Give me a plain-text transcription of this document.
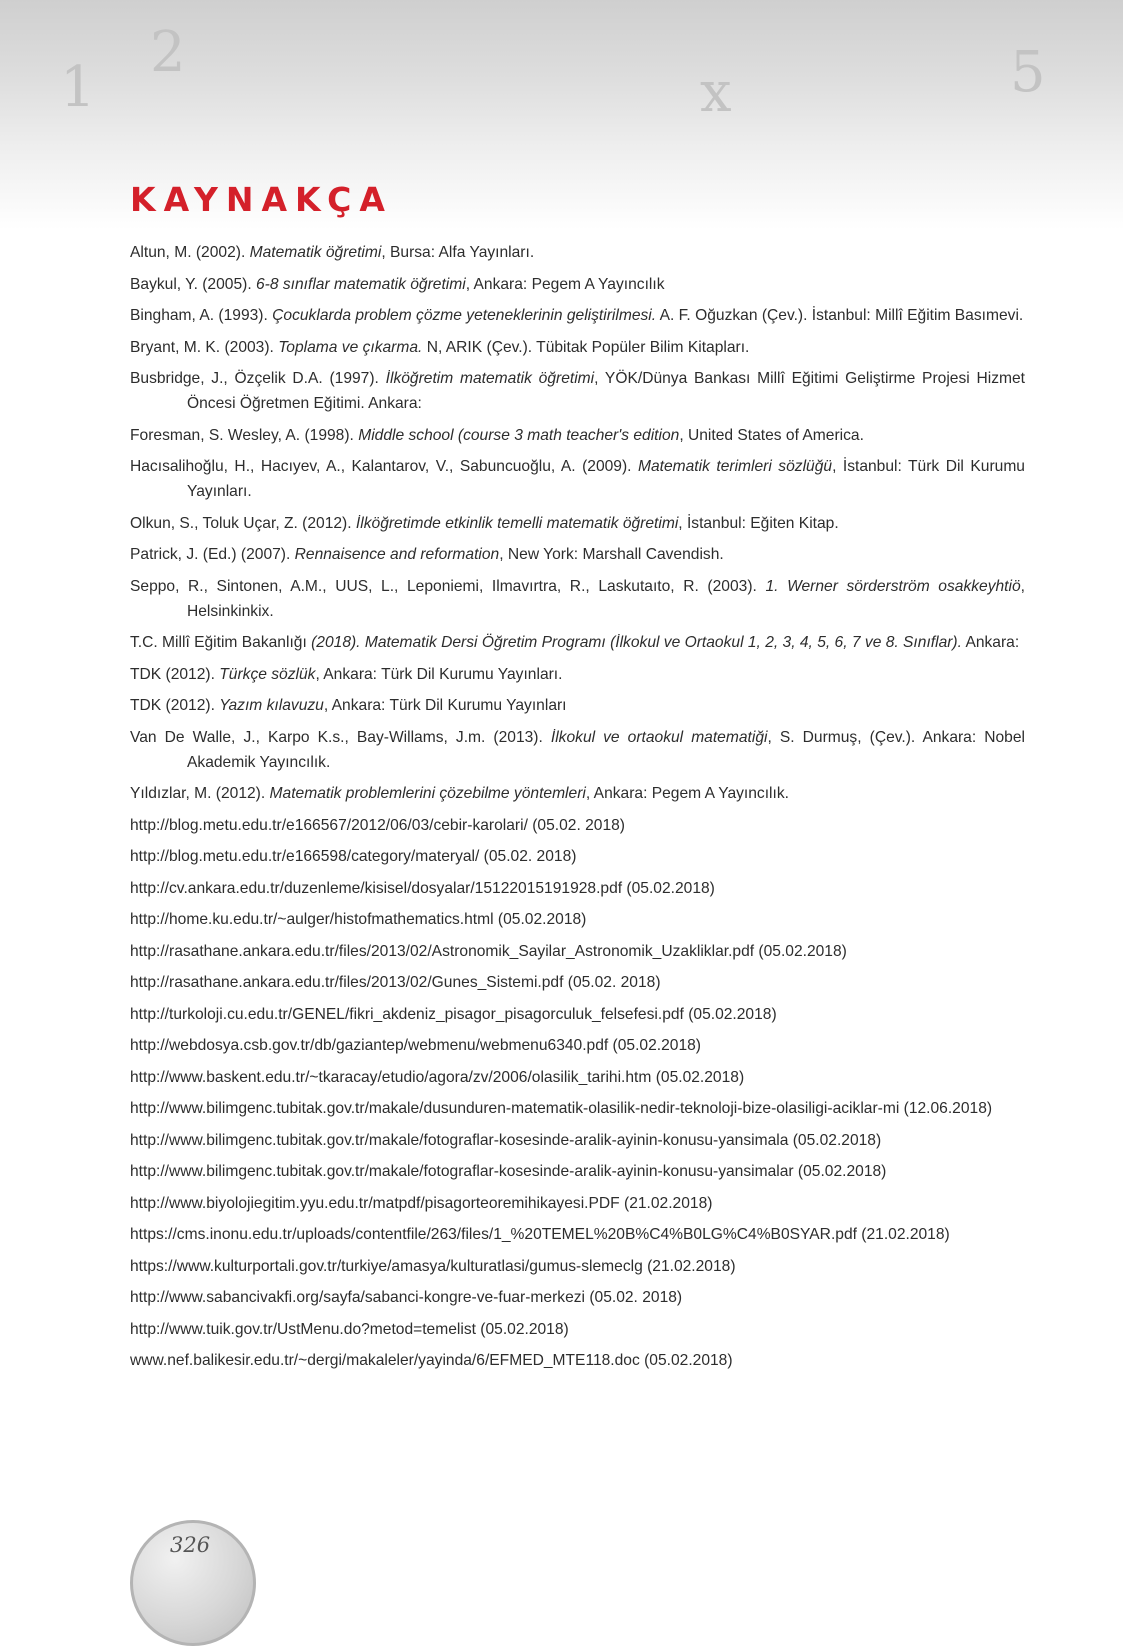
1
2
x	5
KAYNAKÇA
Altun, M. (2002). Matematik öğretimi, Bursa: Alfa Yayınları.
Baykul, Y. (2005). 6-8 sınıflar matematik öğretimi, Ankara: Pegem A Yayıncılık
Bingham, A. (1993). Çocuklarda problem çözme yeteneklerinin geliştirilmesi. A. F. Oğuzkan (Çev.). İstanbul: Millî Eğitim Basımevi.
Bryant, M. K. (2003). Toplama ve çıkarma. N, ARIK (Çev.). Tübitak Popüler Bilim Kitapları.
Busbridge, J., Özçelik D.A. (1997). İlköğretim matematik öğretimi, YÖK/Dünya Bankası Millî Eğitimi Geliştirme Projesi Hizmet Öncesi Öğretmen Eğitimi. Ankara:
Foresman, S. Wesley, A. (1998). Middle school (course 3 math teacher's edition, United States of America.
Hacısalihoğlu, H., Hacıyev, A., Kalantarov, V., Sabuncuoğlu, A. (2009). Matematik terimleri sözlüğü, İstanbul: Türk Dil Kurumu Yayınları.
Olkun, S., Toluk Uçar, Z. (2012). İlköğretimde etkinlik temelli matematik öğretimi, İstanbul: Eğiten Kitap.
Patrick, J. (Ed.) (2007). Rennaisence and reformation, New York: Marshall Cavendish.
Seppo, R., Sintonen, A.M., UUS, L., Leponiemi, Ilmavırtra, R., Laskutaıto, R. (2003). 1. Werner sörderström osakkeyhtiö, Helsinkinkix.
T.C. Millî Eğitim Bakanlığı (2018). Matematik Dersi Öğretim Programı (İlkokul ve Ortaokul 1, 2, 3, 4, 5, 6, 7 ve 8. Sınıflar). Ankara:
TDK (2012). Türkçe sözlük, Ankara: Türk Dil Kurumu Yayınları.
TDK (2012). Yazım kılavuzu, Ankara: Türk Dil Kurumu Yayınları
Van De Walle, J., Karpo K.s., Bay-Willams, J.m. (2013). İlkokul ve ortaokul matematiği, S. Durmuş, (Çev.). Ankara: Nobel Akademik Yayıncılık.
Yıldızlar, M. (2012). Matematik problemlerini çözebilme yöntemleri, Ankara: Pegem A Yayıncılık.
http://blog.metu.edu.tr/e166567/2012/06/03/cebir-karolari/ (05.02. 2018)
http://blog.metu.edu.tr/e166598/category/materyal/ (05.02. 2018)
http://cv.ankara.edu.tr/duzenleme/kisisel/dosyalar/15122015191928.pdf (05.02.2018)
http://home.ku.edu.tr/~aulger/histofmathematics.html (05.02.2018)
http://rasathane.ankara.edu.tr/files/2013/02/Astronomik_Sayilar_Astronomik_Uzakliklar.pdf (05.02.2018)
http://rasathane.ankara.edu.tr/files/2013/02/Gunes_Sistemi.pdf (05.02. 2018)
http://turkoloji.cu.edu.tr/GENEL/fikri_akdeniz_pisagor_pisagorculuk_felsefesi.pdf (05.02.2018)
http://webdosya.csb.gov.tr/db/gaziantep/webmenu/webmenu6340.pdf (05.02.2018)
http://www.baskent.edu.tr/~tkaracay/etudio/agora/zv/2006/olasilik_tarihi.htm (05.02.2018)
http://www.bilimgenc.tubitak.gov.tr/makale/dusunduren-matematik-olasilik-nedir-teknoloji-bize-olasiligi-aciklar-mi (12.06.2018)
http://www.bilimgenc.tubitak.gov.tr/makale/fotograflar-kosesinde-aralik-ayinin-konusu-yansimala (05.02.2018)
http://www.bilimgenc.tubitak.gov.tr/makale/fotograflar-kosesinde-aralik-ayinin-konusu-yansimalar (05.02.2018)
http://www.biyolojiegitim.yyu.edu.tr/matpdf/pisagorteoremihikayesi.PDF (21.02.2018)
https://cms.inonu.edu.tr/uploads/contentfile/263/files/1_%20TEMEL%20B%C4%B0LG%C4%B0SYAR.pdf (21.02.2018)
https://www.kulturportali.gov.tr/turkiye/amasya/kulturatlasi/gumus-slemeclg (21.02.2018)
http://www.sabancivakfi.org/sayfa/sabanci-kongre-ve-fuar-merkezi (05.02. 2018)
http://www.tuik.gov.tr/UstMenu.do?metod=temelist (05.02.2018)
www.nef.balikesir.edu.tr/~dergi/makaleler/yayinda/6/EFMED_MTE118.doc (05.02.2018)
326
